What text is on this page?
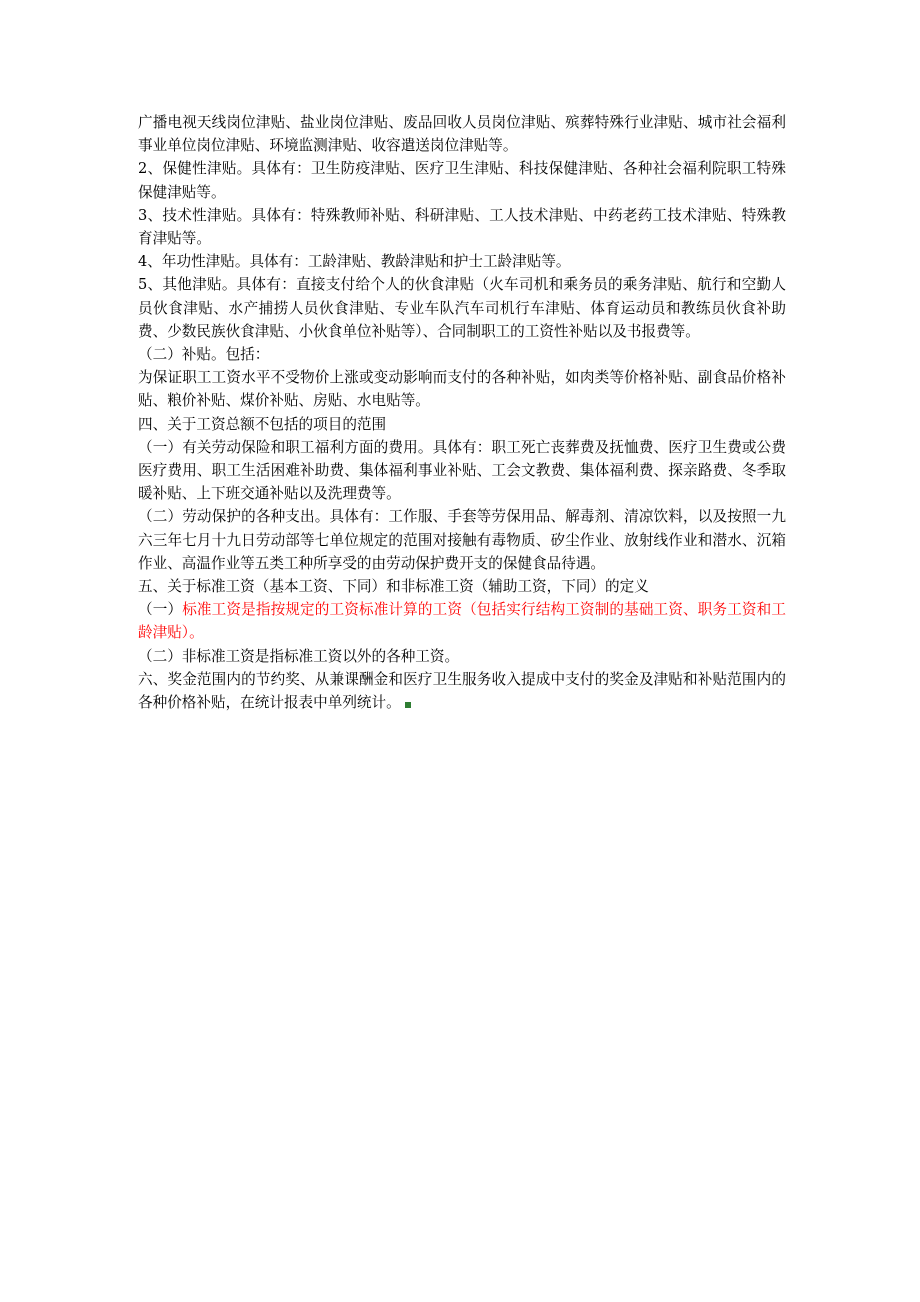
广播电视天线岗位津贴、盐业岗位津贴、废品回收人员岗位津贴、殡葬特殊行业津贴、城市社会福利事业单位岗位津贴、环境监测津贴、收容遣送岗位津贴等。

2、保健性津贴。具体有：卫生防疫津贴、医疗卫生津贴、科技保健津贴、各种社会福利院职工特殊保健津贴等。

3、技术性津贴。具体有：特殊教师补贴、科研津贴、工人技术津贴、中药老药工技术津贴、特殊教育津贴等。

4、年功性津贴。具体有：工龄津贴、教龄津贴和护士工龄津贴等。

5、其他津贴。具体有：直接支付给个人的伙食津贴（火车司机和乘务员的乘务津贴、航行和空勤人员伙食津贴、水产捕捞人员伙食津贴、专业车队汽车司机行车津贴、体育运动员和教练员伙食补助费、少数民族伙食津贴、小伙食单位补贴等）、合同制职工的工资性补贴以及书报费等。

（二）补贴。包括：

为保证职工工资水平不受物价上涨或变动影响而支付的各种补贴，如肉类等价格补贴、副食品价格补贴、粮价补贴、煤价补贴、房贴、水电贴等。

四、关于工资总额不包括的项目的范围

（一）有关劳动保险和职工福利方面的费用。具体有：职工死亡丧葬费及抚恤费、医疗卫生费或公费医疗费用、职工生活困难补助费、集体福利事业补贴、工会文教费、集体福利费、探亲路费、冬季取暖补贴、上下班交通补贴以及洗理费等。

（二）劳动保护的各种支出。具体有：工作服、手套等劳保用品、解毒剂、清凉饮料，以及按照一九六三年七月十九日劳动部等七单位规定的范围对接触有毒物质、矽尘作业、放射线作业和潜水、沉箱作业、高温作业等五类工种所享受的由劳动保护费开支的保健食品待遇。

五、关于标准工资（基本工资、下同）和非标准工资（辅助工资，下同）的定义

（一）标准工资是指按规定的工资标准计算的工资（包括实行结构工资制的基础工资、职务工资和工龄津贴）。

（二）非标准工资是指标准工资以外的各种工资。

六、奖金范围内的节约奖、从兼课酬金和医疗卫生服务收入提成中支付的奖金及津贴和补贴范围内的各种价格补贴，在统计报表中单列统计。
